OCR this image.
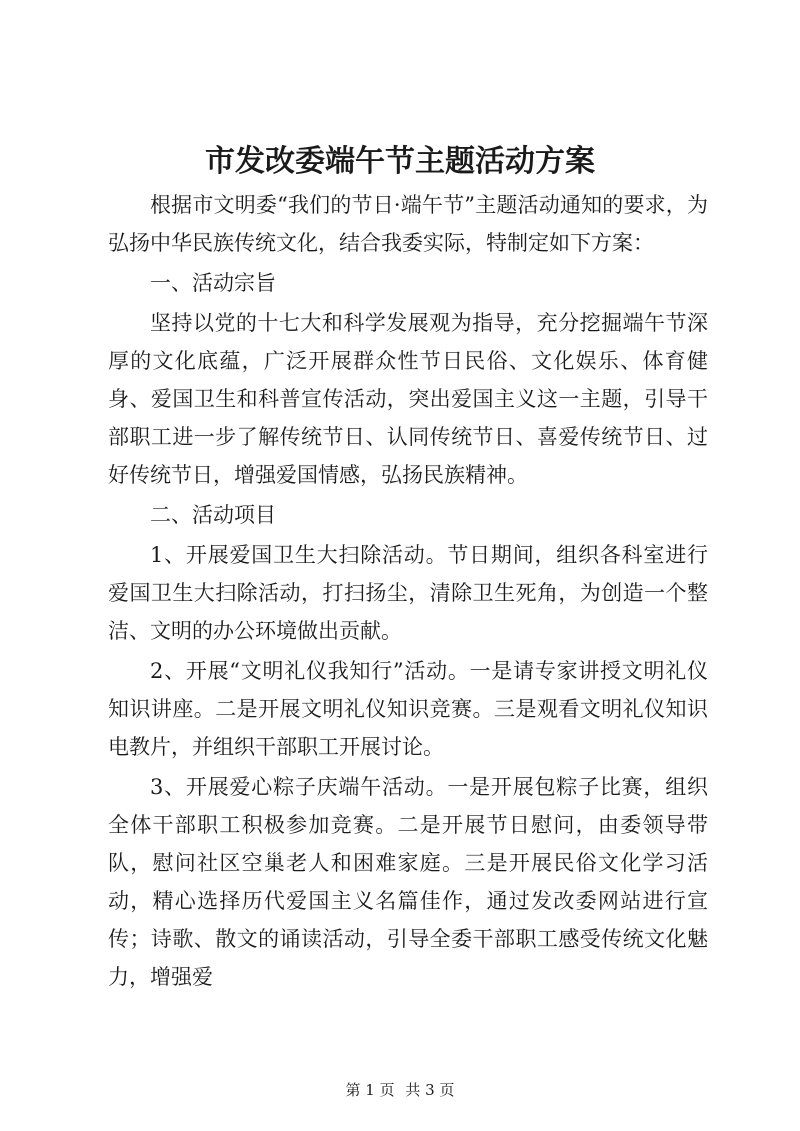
市发改委端午节主题活动方案

根据市文明委“我们的节日·端午节”主题活动通知的要求，为弘扬中华民族传统文化，结合我委实际，特制定如下方案：

一、活动宗旨

坚持以党的十七大和科学发展观为指导，充分挖掘端午节深厚的文化底蕴，广泛开展群众性节日民俗、文化娱乐、体育健身、爱国卫生和科普宣传活动，突出爱国主义这一主题，引导干部职工进一步了解传统节日、认同传统节日、喜爱传统节日、过好传统节日，增强爱国情感，弘扬民族精神。

二、活动项目

1、开展爱国卫生大扫除活动。节日期间，组织各科室进行爱国卫生大扫除活动，打扫扬尘，清除卫生死角，为创造一个整洁、文明的办公环境做出贡献。

2、开展“文明礼仪我知行”活动。一是请专家讲授文明礼仪知识讲座。二是开展文明礼仪知识竞赛。三是观看文明礼仪知识电教片，并组织干部职工开展讨论。

3、开展爱心粽子庆端午活动。一是开展包粽子比赛，组织全体干部职工积极参加竞赛。二是开展节日慰问，由委领导带队，慰问社区空巢老人和困难家庭。三是开展民俗文化学习活动，精心选择历代爱国主义名篇佳作，通过发改委网站进行宣传；诗歌、散文的诵读活动，引导全委干部职工感受传统文化魅力，增强爱

第 1 页 共 3 页
